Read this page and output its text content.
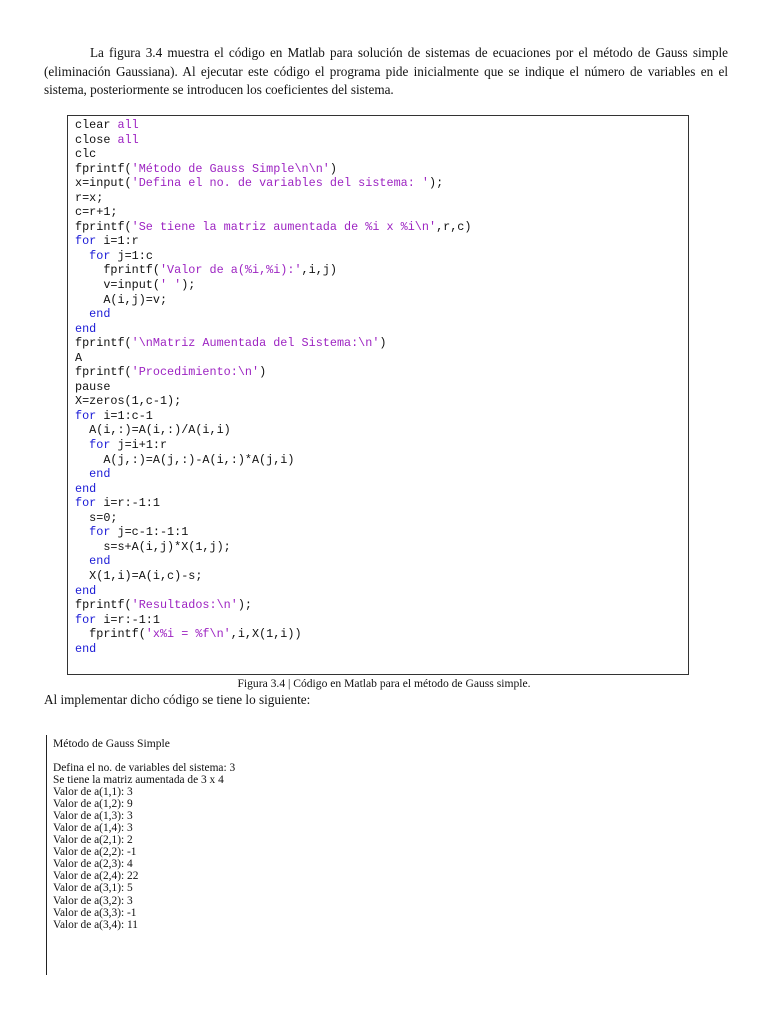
La figura 3.4 muestra el código en Matlab para solución de sistemas de ecuaciones por el método de Gauss simple (eliminación Gaussiana). Al ejecutar este código el programa pide inicialmente que se indique el número de variables en el sistema, posteriormente se introducen los coeficientes del sistema.

clear all
close all
clc
fprintf('Método de Gauss Simple\n\n')
x=input('Defina el no. de variables del sistema: ');
r=x;
c=r+1;
fprintf('Se tiene la matriz aumentada de %i x %i\n',r,c)
for i=1:r
for j=1:c
fprintf('Valor de a(%i,%i):',i,j)
v=input(' ');
A(i,j)=v;
end
end
fprintf('\nMatriz Aumentada del Sistema:\n')
A
fprintf('Procedimiento:\n')
pause
X=zeros(1,c-1);
for i=1:c-1
A(i,:)=A(i,:)/A(i,i)
for j=i+1:r
A(j,:)=A(j,:)-A(i,:)*A(j,i)
end
end
for i=r:-1:1
s=0;
for j=c-1:-1:1
s=s+A(i,j)*X(1,j);
end
X(1,i)=A(i,c)-s;
end
fprintf('Resultados:\n');
for i=r:-1:1
fprintf('x%i = %f\n',i,X(1,i))
end

Figura 3.4 | Código en Matlab para el método de Gauss simple.

Al implementar dicho código se tiene lo siguiente:

Método de Gauss Simple
Defina el no. de variables del sistema: 3
Se tiene la matriz aumentada de 3 x 4
Valor de a(1,1): 3
Valor de a(1,2): 9
Valor de a(1,3): 3
Valor de a(1,4): 3
Valor de a(2,1): 2
Valor de a(2,2): -1
Valor de a(2,3): 4
Valor de a(2,4): 22
Valor de a(3,1): 5
Valor de a(3,2): 3
Valor de a(3,3): -1
Valor de a(3,4): 11
